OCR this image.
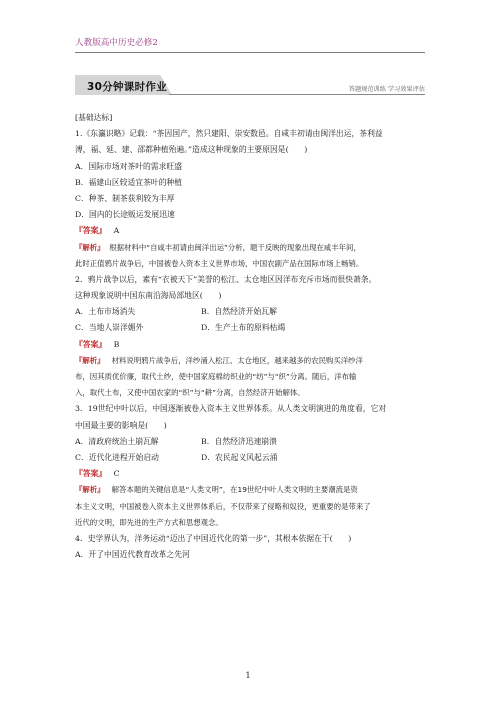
人教版高中历史必修2
30分钟课时作业	答题规范训练 学习效果评估
[基础达标]
1.《东瀛识略》记载：“茶因国产，然只建阳、崇安数邑。自咸丰初请由闽洋出运，茶利益
溥，福、延、建、邵都种植殆遍。”造成这种现象的主要原因是(　　)
A．国际市场对茶叶的需求旺盛
B．福建山区较适宜茶叶的种植
C．种茶、制茶获利较为丰厚
D．国内的长途贩运发展迅速
『答案』 A
『解析』 根据材料中“自咸丰初请由闽洋出运”分析，题干反映的现象出现在咸丰年间，
此时正值鸦片战争后，中国被卷入资本主义世界市场，中国农副产品在国际市场上畅销。
2．鸦片战争以后，素有“衣被天下”美誉的松江、太仓地区因洋布充斥市场而很快萧条。
这种现象说明中国东南沿海局部地区(　　)
A．土布市场消失	B．自然经济开始瓦解
C．当地人崇洋媚外	D．生产土布的原料枯竭
『答案』 B
『解析』 材料说明鸦片战争后，洋纱涌入松江、太仓地区，越来越多的农民购买洋纱洋
布，因其质优价廉，取代土纱，使中国家庭棉纺织业的“纺”与“织”分离。随后，洋布输
入，取代土布，又使中国农家的“织”与“耕”分离，自然经济开始解体。
3．19世纪中叶以后，中国逐渐被卷入资本主义世界体系。从人类文明演进的角度看，它对
中国最主要的影响是(　　)
A．清政府统治土崩瓦解	B．自然经济迅速崩溃
C．近代化进程开始启动	D．农民起义风起云涌
『答案』 C
『解析』 解答本题的关键信息是“人类文明”，在19世纪中叶人类文明的主要潮流是资
本主义文明，中国被卷入资本主义世界体系后，不仅带来了侵略和奴役，更重要的是带来了
近代的文明，即先进的生产方式和思想观念。
4．史学界认为，洋务运动“迈出了中国近代化的第一步”，其根本依据在于(　　)
A．开了中国近代教育改革之先河
1
